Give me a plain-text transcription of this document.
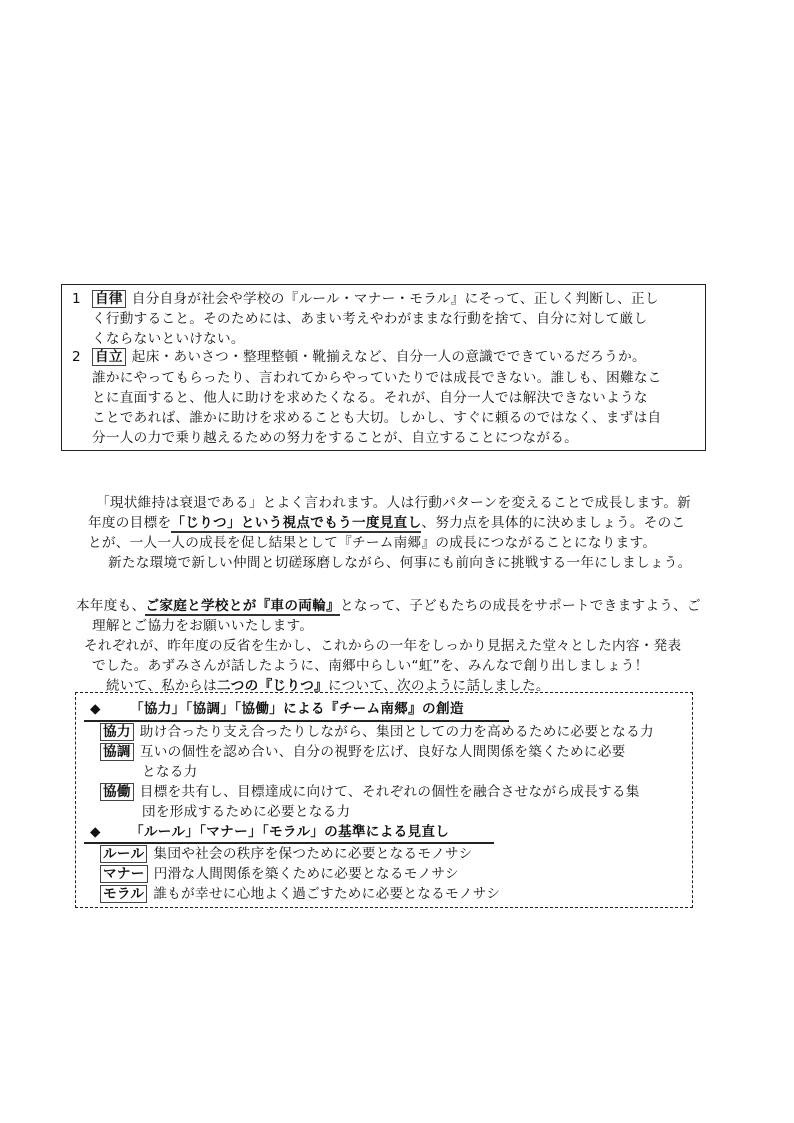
1 自律 自分自身が社会や学校の『ルール・マナー・モラル』にそって、正しく判断し、正し
く行動すること。そのためには、あまい考えやわがままな行動を捨て、自分に対して厳し
くならないといけない。
2 自立 起床・あいさつ・整理整頓・靴揃えなど、自分一人の意識でできているだろうか。
誰かにやってもらったり、言われてからやっていたりでは成長できない。誰しも、困難なこ
とに直面すると、他人に助けを求めたくなる。それが、自分一人では解決できないような
ことであれば、誰かに助けを求めることも大切。しかし、すぐに頼るのではなく、まずは自
分一人の力で乗り越えるための努力をすることが、自立することにつながる。
「現状維持は衰退である」とよく言われます。人は行動パターンを変えることで成長します。新
年度の目標を「じりつ」という視点でもう一度見直し、努力点を具体的に決めましょう。そのこ
とが、一人一人の成長を促し結果として『チーム南郷』の成長につながることになります。
新たな環境で新しい仲間と切磋琢磨しながら、何事にも前向きに挑戦する一年にしましょう。
本年度も、ご家庭と学校とが『車の両輪』となって、子どもたちの成長をサポートできますよう、ご
理解とご協力をお願いいたします。
それぞれが、昨年度の反省を生かし、これからの一年をしっかり見据えた堂々とした内容・発表
でした。あずみさんが話したように、南郷中らしい“虹”を、みんなで創り出しましょう！
続いて、私からは二つの『じりつ』について、次のように話しました。
◆ 「協力」「協調」「協働」による『チーム南郷』の創造
協力 助け合ったり支え合ったりしながら、集団としての力を高めるために必要となる力
協調 互いの個性を認め合い、自分の視野を広げ、良好な人間関係を築くために必要
となる力
協働 目標を共有し、目標達成に向けて、それぞれの個性を融合させながら成長する集
団を形成するために必要となる力
◆ 「ルール」「マナー」「モラル」の基準による見直し
ルール 集団や社会の秩序を保つために必要となるモノサシ
マナー 円滑な人間関係を築くために必要となるモノサシ
モラル 誰もが幸せに心地よく過ごすために必要となるモノサシ
